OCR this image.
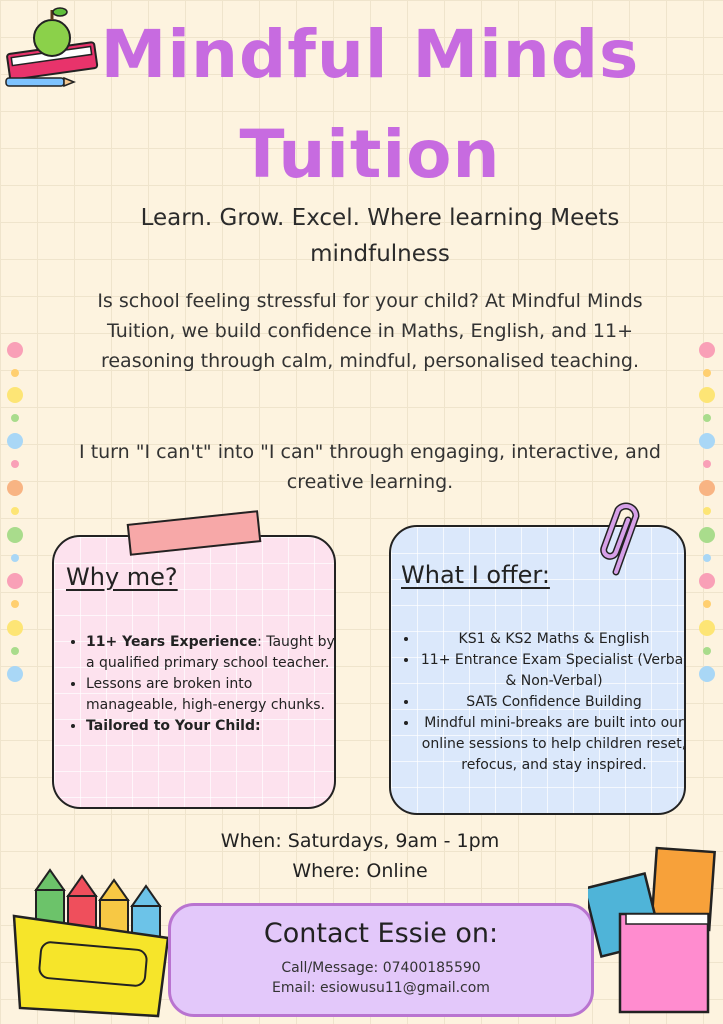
Mindful Minds
Tuition
Learn. Grow. Excel. Where learning Meets mindfulness
Is school feeling stressful for your child? At Mindful Minds Tuition, we build confidence in Maths, English, and 11+ reasoning through calm, mindful, personalised teaching.
I turn "I can't" into "I can" through engaging, interactive, and creative learning.
Why me?
• 11+ Years Experience: Taught by a qualified primary school teacher.
• Lessons are broken into manageable, high-energy chunks.
• Tailored to Your Child:
What I offer:
• KS1 & KS2 Maths & English
• 11+ Entrance Exam Specialist (Verbal & Non-Verbal)
• SATs Confidence Building
• Mindful mini-breaks are built into our online sessions to help children reset, refocus, and stay inspired.
When: Saturdays, 9am - 1pm
Where: Online
Contact Essie on:
Call/Message: 07400185590
Email: esiowusu11@gmail.com
